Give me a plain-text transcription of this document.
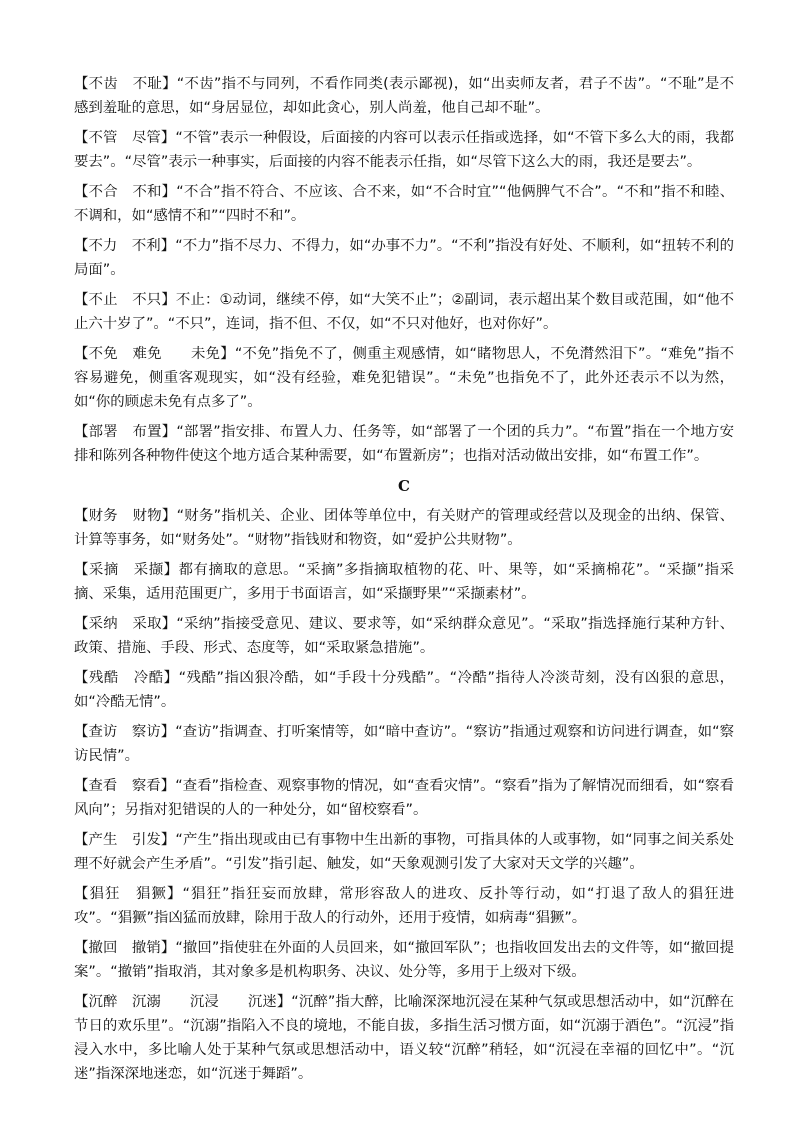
【不齿　不耻】“不齿”指不与同列，不看作同类(表示鄙视)，如“出卖师友者，君子不齿”。“不耻”是不感到羞耻的意思，如“身居显位，却如此贪心，别人尚羞，他自己却不耻”。

【不管　尽管】“不管”表示一种假设，后面接的内容可以表示任指或选择，如“不管下多么大的雨，我都要去”。“尽管”表示一种事实，后面接的内容不能表示任指，如“尽管下这么大的雨，我还是要去”。

【不合　不和】“不合”指不符合、不应该、合不来，如“不合时宜”“他俩脾气不合”。“不和”指不和睦、不调和，如“感情不和”“四时不和”。

【不力　不利】“不力”指不尽力、不得力，如“办事不力”。“不利”指没有好处、不顺利，如“扭转不利的局面”。

【不止　不只】不止：①动词，继续不停，如“大笑不止”；②副词，表示超出某个数目或范围，如“他不止六十岁了”。“不只”，连词，指不但、不仅，如“不只对他好，也对你好”。

【不免　难免　　未免】“不免”指免不了，侧重主观感情，如“睹物思人，不免潸然泪下”。“难免”指不容易避免，侧重客观现实，如“没有经验，难免犯错误”。“未免”也指免不了，此外还表示不以为然，如“你的顾虑未免有点多了”。

【部署　布置】“部署”指安排、布置人力、任务等，如“部署了一个团的兵力”。“布置”指在一个地方安排和陈列各种物件使这个地方适合某种需要，如“布置新房”；也指对活动做出安排，如“布置工作”。

C

【财务　财物】“财务”指机关、企业、团体等单位中，有关财产的管理或经营以及现金的出纳、保管、计算等事务，如“财务处”。“财物”指钱财和物资，如“爱护公共财物”。

【采摘　采撷】都有摘取的意思。“采摘”多指摘取植物的花、叶、果等，如“采摘棉花”。“采撷”指采摘、采集，适用范围更广，多用于书面语言，如“采撷野果”“采撷素材”。

【采纳　采取】“采纳”指接受意见、建议、要求等，如“采纳群众意见”。“采取”指选择施行某种方针、政策、措施、手段、形式、态度等，如“采取紧急措施”。

【残酷　冷酷】“残酷”指凶狠冷酷，如“手段十分残酷”。“冷酷”指待人冷淡苛刻，没有凶狠的意思，如“冷酷无情”。

【查访　察访】“查访”指调查、打听案情等，如“暗中查访”。“察访”指通过观察和访问进行调查，如“察访民情”。

【查看　察看】“查看”指检查、观察事物的情况，如“查看灾情”。“察看”指为了解情况而细看，如“察看风向”；另指对犯错误的人的一种处分，如“留校察看”。

【产生　引发】“产生”指出现或由已有事物中生出新的事物，可指具体的人或事物，如“同事之间关系处理不好就会产生矛盾”。“引发”指引起、触发，如“天象观测引发了大家对天文学的兴趣”。

【猖狂　猖獗】“猖狂”指狂妄而放肆，常形容敌人的进攻、反扑等行动，如“打退了敌人的猖狂进攻”。“猖獗”指凶猛而放肆，除用于敌人的行动外，还用于疫情，如病毒“猖獗”。

【撤回　撤销】“撤回”指使驻在外面的人员回来，如“撤回军队”；也指收回发出去的文件等，如“撤回提案”。“撤销”指取消，其对象多是机构职务、决议、处分等，多用于上级对下级。

【沉醉　沉溺　　沉浸　　沉迷】“沉醉”指大醉，比喻深深地沉浸在某种气氛或思想活动中，如“沉醉在节日的欢乐里”。“沉溺”指陷入不良的境地，不能自拔，多指生活习惯方面，如“沉溺于酒色”。“沉浸”指浸入水中，多比喻人处于某种气氛或思想活动中，语义较“沉醉”稍轻，如“沉浸在幸福的回忆中”。“沉迷”指深深地迷恋，如“沉迷于舞蹈”。
